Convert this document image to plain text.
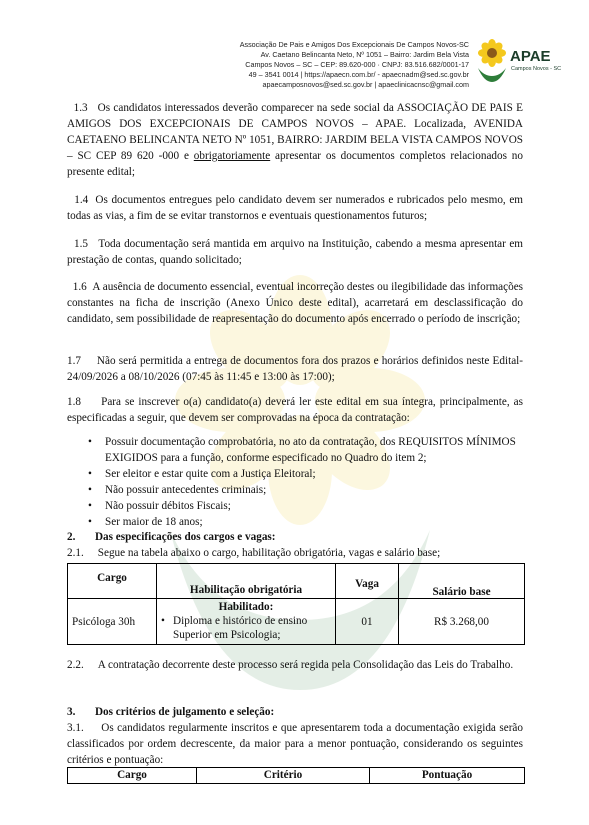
Associação De Pais e Amigos Dos Excepcionais De Campos Novos-SC
Av. Caetano Belincanta Neto, Nº 1051 – Bairro: Jardim Bela Vista
Campos Novos – SC – CEP: 89.620-000 · CNPJ: 83.516.682/0001-17
49 – 3541 0014 | https://apaecn.com.br/ - apaecnadm@sed.sc.gov.br
apaecamposnovos@sed.sc.gov.br | apaeclinicacnsc@gmail.com
APAE
Campos Novos - SC
1.3 Os candidatos interessados deverão comparecer na sede social da ASSOCIAÇÃO DE PAIS E AMIGOS DOS EXCEPCIONAIS DE CAMPOS NOVOS – APAE. Localizada, AVENIDA CAETAENO BELINCANTA NETO Nº 1051, BAIRRO: JARDIM BELA VISTA CAMPOS NOVOS – SC CEP 89 620 -000 e obrigatoriamente apresentar os documentos completos relacionados no presente edital;
1.4 Os documentos entregues pelo candidato devem ser numerados e rubricados pelo mesmo, em todas as vias, a fim de se evitar transtornos e eventuais questionamentos futuros;
1.5 Toda documentação será mantida em arquivo na Instituição, cabendo a mesma apresentar em prestação de contas, quando solicitado;
1.6 A ausência de documento essencial, eventual incorreção destes ou ilegibilidade das informações constantes na ficha de inscrição (Anexo Único deste edital), acarretará em desclassificação do candidato, sem possibilidade de reapresentação do documento após encerrado o período de inscrição;
1.7 Não será permitida a entrega de documentos fora dos prazos e horários definidos neste Edital- 24/09/2026 a 08/10/2026 (07:45 às 11:45 e 13:00 às 17:00);
1.8 Para se inscrever o(a) candidato(a) deverá ler este edital em sua íntegra, principalmente, as especificadas a seguir, que devem ser comprovadas na época da contratação:
• Possuir documentação comprobatória, no ato da contratação, dos REQUISITOS MÍNIMOS EXIGIDOS para a função, conforme especificado no Quadro do item 2;
• Ser eleitor e estar quite com a Justiça Eleitoral;
• Não possuir antecedentes criminais;
• Não possuir débitos Fiscais;
• Ser maior de 18 anos;
2. Das especificações dos cargos e vagas:
2.1. Segue na tabela abaixo o cargo, habilitação obrigatória, vagas e salário base;
Cargo	Habilitação obrigatória	Vaga	Salário base
Psicóloga 30h	Habilitado:
• Diploma e histórico de ensino Superior em Psicologia;	01	R$ 3.268,00
2.2. A contratação decorrente deste processo será regida pela Consolidação das Leis do Trabalho.
3. Dos critérios de julgamento e seleção:
3.1. Os candidatos regularmente inscritos e que apresentarem toda a documentação exigida serão classificados por ordem decrescente, da maior para a menor pontuação, considerando os seguintes critérios e pontuação:
Cargo	Critério	Pontuação
